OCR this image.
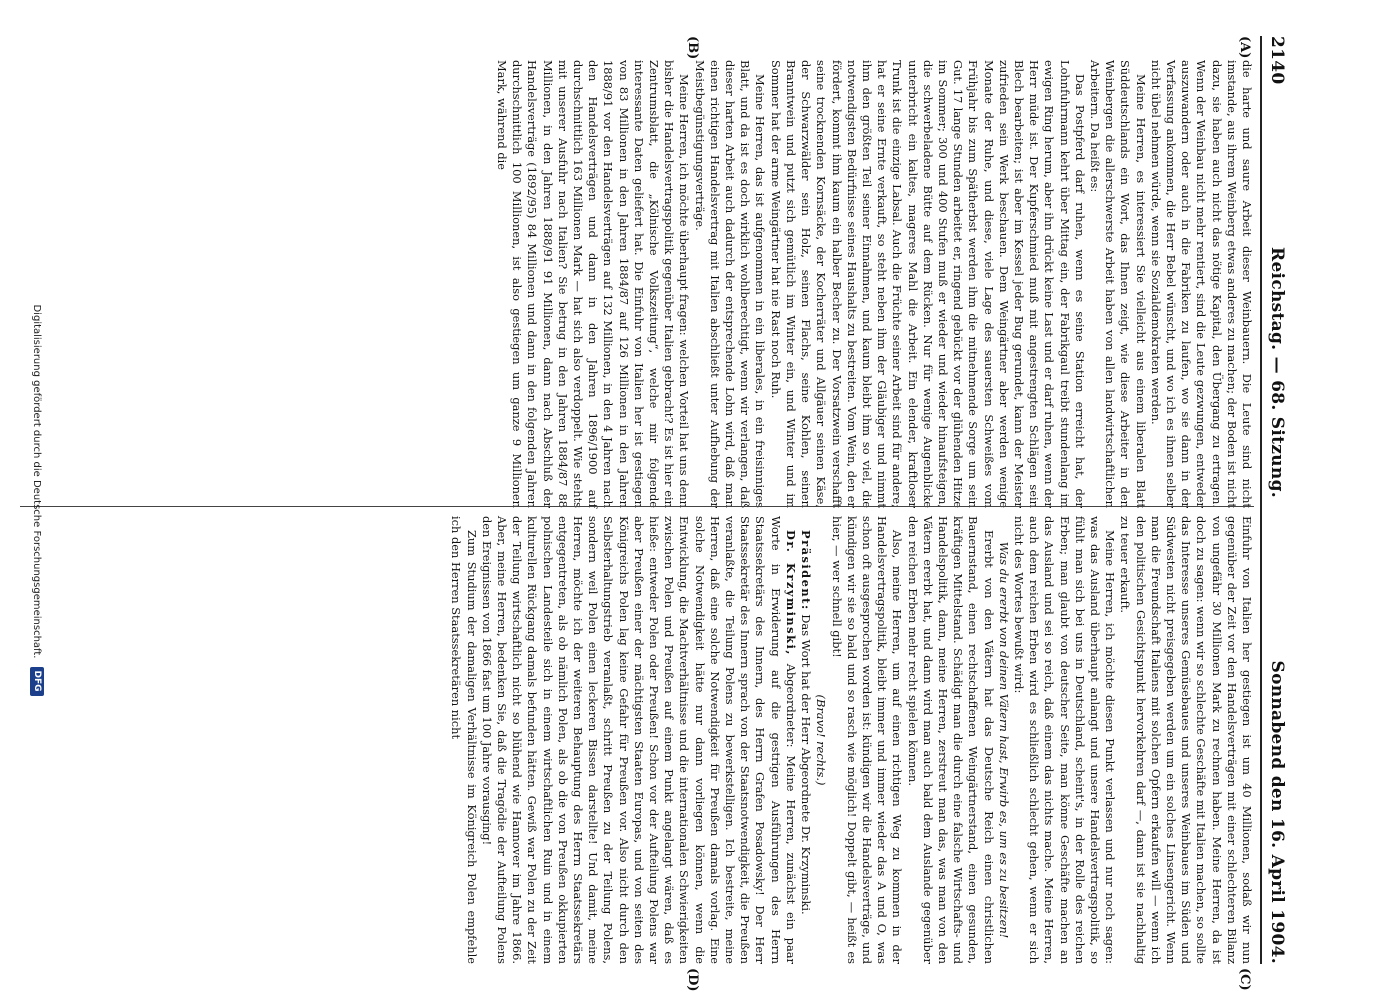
2140
Reichstag. — 68. Sitzung.
Sonnabend den 16. April 1904.
(A)
(B)
(C)
(D)

die harte und saure Arbeit dieser Weinbauern. Die Leute sind nicht imstande, aus ihrem Weinberg etwas anderes zu machen; der Boden ist nicht dazu, sie haben auch nicht das nötige Kapital, den Übergang zu ertragen. Wenn der Weinbau nicht mehr rentiert, sind die Leute gezwungen, entweder auszuwandern oder auch in die Fabriken zu laufen, wo sie dann in der Verfassung ankommen, die Herr Bebel wünscht, und wo ich es ihnen selber nicht übel nehmen würde, wenn sie Sozialdemokraten werden.

Meine Herren, es interessiert Sie vielleicht aus einem liberalen Blatt Süddeutschlands ein Wort, das Ihnen zeigt, wie diese Arbeiter in den Weinbergen die allerschwerste Arbeit haben von allen landwirtschaftlichen Arbeitern. Da heißt es:

Das Postpferd darf ruhen, wenn es seine Station erreicht hat, der Lohnfuhrmann kehrt über Mittag ein, der Fabrikgaul treibt stundenlang im ewigen Ring herum, aber ihn drückt keine Last und er darf ruhen, wenn der Herr müde ist. Der Kupferschmied muß mit angestrengten Schlägen sein Blech bearbeiten; ist aber im Kessel jeder Bug gerundet, kann der Meister zufrieden sein Werk beschauen. Dem Weingärtner aber werden wenige Monate der Ruhe, und diese, viele Lage des sauersten Schweißes vom Frühjahr bis zum Spätherbst werden ihm die mitnehmende Sorge um sein Gut. 17 lange Stunden arbeitet er, ringend gebückt vor der glühenden Hitze im Sommer; 300 und 400 Stufen muß er wieder und wieder hinaufsteigen, die schwerbeladene Bütte auf dem Rücken. Nur für wenige Augenblicke unterbricht ein kaltes, mageres Mahl die Arbeit. Ein elender, kraftloser Trunk ist die einzige Labsal. Auch die Früchte seiner Arbeit sind für andere; hat er seine Ernte verkauft, so steht neben ihm der Gläubiger und nimmt ihm den größten Teil seiner Einnahmen, und kaum bleibt ihm so viel, die notwendigsten Bedürfnisse seines Haushalts zu bestreiten. Vom Wein, den er fördert, kommt ihm kaum ein halber Becher zu. Der Vorsatzwein verschafft seine trocknenden Kornsäcke, der Kocherräter und Allgäuer seinen Käse, der Schwarzwälder sein Holz, seinen Flachs, seine Kohlen, seinen Branntwein und putzt sich gemütlich im Winter ein, und Winter und im Sommer hat der arme Weingärtner hat nie Rast noch Ruh.

Meine Herren, das ist aufgenommen in ein liberales, in ein freisinniges Blatt, und da ist es doch wirklich wohlberechtigt, wenn wir verlangen, daß dieser harten Arbeit auch dadurch der entsprechende Lohn wird, daß man einen richtigen Handelsvertrag mit Italien abschließt unter Aufhebung der Meistbegünstigungsverträge.

Meine Herren, ich möchte überhaupt fragen: welchen Vorteil hat uns denn bisher die Handelsvertragspolitik gegenüber Italien gebracht? Es ist hier ein Zentrumsblatt, die „Kölnische Volkszeitung“, welche mir folgende interessante Daten geliefert hat. Die Einfuhr von Italien her ist gestiegen von 83 Millionen in den Jahren 1884/87 auf 126 Millionen in den Jahren 1888/91 vor den Handelsverträgen auf 132 Millionen, in den 4 Jahren nach den Handelsverträgen und dann in den Jahren 1896/1900 auf durchschnittlich 163 Millionen Mark — hat sich also verdoppelt. Wie stehts mit unserer Ausfuhr nach Italien? Sie betrug in den Jahren 1884/87 88 Millionen, in den Jahren 1888/91 91 Millionen, dann nach Abschluß der Handelsverträge (1892/95) 84 Millionen und dann in den folgenden Jahren durchschnittlich 100 Millionen, ist also gestiegen um ganze 9 Millionen Mark, während die

Einfuhr von Italien her gestiegen ist um 40 Millionen, sodaß wir nun gegenüber der Zeit vor den Handelsverträgen mit einer schlechteren Bilanz von ungefähr 30 Millionen Mark zu rechnen haben. Meine Herren, da ist doch zu sagen: wenn wir so schlechte Geschäfte mit Italien machen, so sollte das Interesse unseres Gemüsebaues und unseres Weinbaues im Süden und Südwesten nicht preisgegeben werden um ein solches Linsengericht. Wenn man die Freundschaft Italiens mit solchen Opfern erkaufen will — wenn ich den politischen Gesichtspunkt hervorkehren darf —, dann ist sie nachhaltig zu teuer erkauft.

Meine Herren, ich möchte diesen Punkt verlassen und nur noch sagen: was das Ausland überhaupt anlangt und unsere Handelsvertragspolitik, so fühlt man sich bei uns in Deutschland, scheint's, in der Rolle des reichen Erben; man glaubt von deutscher Seite, man könne Geschäfte machen an das Ausland und sei so reich, daß einem das nichts mache. Meine Herren, auch dem reichen Erben wird es schließlich schlecht gehen, wenn er sich nicht des Wortes bewußt wird:

Was du ererbt von deinen Vätern hast, Erwirb es, um es zu besitzen!

Ererbt von den Vätern hat das Deutsche Reich einen christlichen Bauernstand, einen rechtschaffenen Weingärtnerstand, einen gesunden, kräftigen Mittelstand. Schädigt man die durch eine falsche Wirtschafts- und Handelspolitik, dann, meine Herren, zerstreut man das, was man von den Vätern ererbt hat, und dann wird man auch bald dem Auslande gegenüber den reichen Erben mehr recht spielen können.

Also, meine Herren, um auf einen richtigen Weg zu kommen in der Handelsvertragspolitik, bleibt immer und immer wieder das A und O, was schon oft ausgesprochen worden ist: kündigen wir die Handelsverträge, und kündigen wir sie so bald und so rasch wie möglich! Doppelt gibt, — heißt es hier, — wer schnell gibt!

(Bravo! rechts.)

Präsident: Das Wort hat der Herr Abgeordnete Dr. Krzyminski.

Dr. Krzyminski, Abgeordneter: Meine Herren, zunächst ein paar Worte in Erwiderung auf die gestrigen Ausführungen des Herrn Staatssekretärs des Innern, des Herrn Grafen Posadowsky! Der Herr Staatssekretär des Innern sprach von der Staatsnotwendigkeit, die Preußen veranlaßte, die Teilung Polens zu bewerkstelligen. Ich bestreite, meine Herren, daß eine solche Notwendigkeit für Preußen damals vorlag. Eine solche Notwendigkeit hätte nur dann vorliegen können, wenn die Entwicklung, die Machtverhältnisse und die internationalen Schwierigkeiten zwischen Polen und Preußen auf einem Punkt angelangt wären, daß es hieße: entweder Polen oder Preußen! Schon vor der Aufteilung Polens war aber Preußen einer der mächtigsten Staaten Europas, und von seiten des Königreichs Polen lag keine Gefahr für Preußen vor. Also nicht durch den Selbsterhaltungstrieb veranlaßt, schritt Preußen zu der Teilung Polens, sondern weil Polen einen leckeren Bissen darstellte! Und damit, meine Herren, möchte ich der weiteren Behauptung des Herrn Staatssekretärs entgegentreten, als ob nämlich Polen, als ob die von Preußen okkupierten polnischen Landesteile sich in einem wirtschaftlichen Ruin und in einem kulturellen Rückgang damals befunden hätten. Gewiß war Polen zu der Zeit der Teilung wirtschaftlich nicht so blühend wie Hannover im Jahre 1866. Aber, meine Herren, bedenken Sie, daß die Tragödie der Aufteilung Polens den Ereignissen von 1866 fast um 100 Jahre vorausging!

Zum Studium der damaligen Verhältnisse im Königreich Polen empfehle ich den Herren Staatssekretären nicht

Digitalisierung gefördert durch die Deutsche Forschungsgemeinschaft.
DFG
